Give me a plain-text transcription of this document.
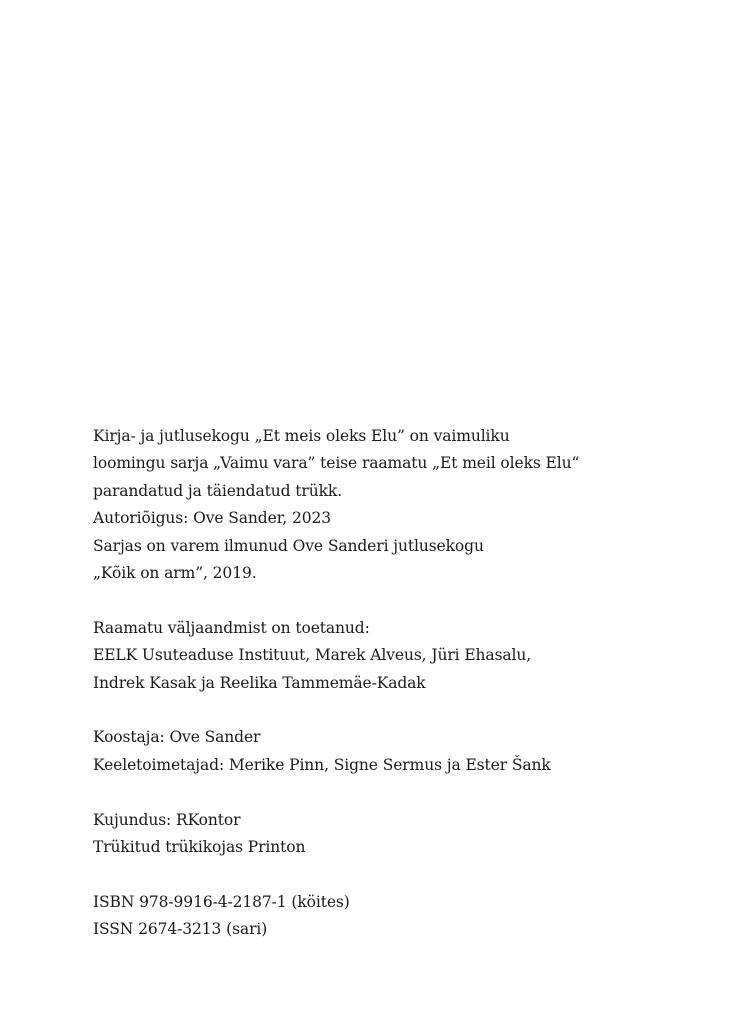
Kirja- ja jutlusekogu „Et meis oleks Elu” on vaimuliku
loomingu sarja „Vaimu vara” teise raamatu „Et meil oleks Elu“
parandatud ja täiendatud trükk.
Autoriõigus: Ove Sander, 2023
Sarjas on varem ilmunud Ove Sanderi jutlusekogu
„Kõik on arm”, 2019.
Raamatu väljaandmist on toetanud:
EELK Usuteaduse Instituut, Marek Alveus, Jüri Ehasalu,
Indrek Kasak ja Reelika Tammemäe-Kadak
Koostaja: Ove Sander
Keeletoimetajad: Merike Pinn, Signe Sermus ja Ester Šank
Kujundus: RKontor
Trükitud trükikojas Printon
ISBN 978-9916-4-2187-1 (köites)
ISSN 2674-3213 (sari)
